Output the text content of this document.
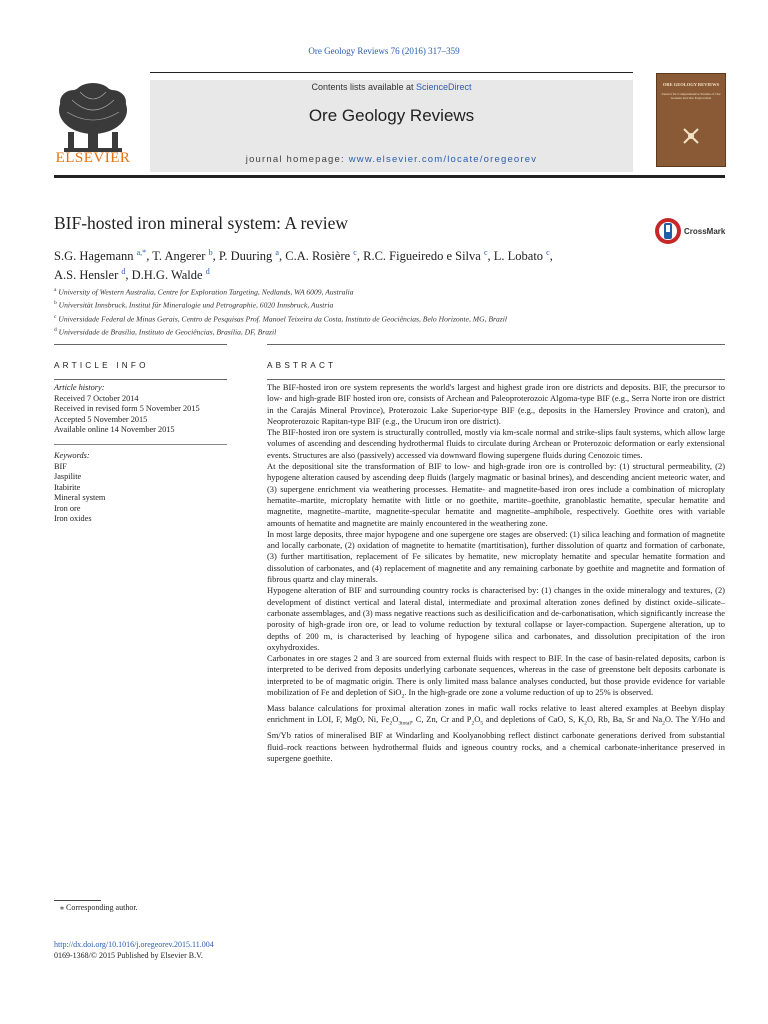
Ore Geology Reviews 76 (2016) 317–359
ELSEVIER
Contents lists available at ScienceDirect
Ore Geology Reviews
journal homepage: www.elsevier.com/locate/oregeorev
ORE GEOLOGY REVIEWS
Journal for Comprehensive Studies of Ore Genesis and Ore Exploration
BIF-hosted iron mineral system: A review	CrossMark
S.G. Hagemann $^{a,*}$, T. Angerer $^b$, P. Duuring $^a$, C.A. Rosière $^c$, R.C. Figueiredo e Silva $^c$, L. Lobato $^c$,
A.S. Hensler $^d$, D.H.G. Walde $^d$
$^a$ University of Western Australia, Centre for Exploration Targeting, Nedlands, WA 6009, Australia
$^b$ Universität Innsbruck, Institut für Mineralogie und Petrographie, 6020 Innsbruck, Austria
$^c$ Universidade Federal de Minas Gerais, Centro de Pesquisas Prof. Manoel Teixeira da Costa, Instituto de Geociências, Belo Horizonte, MG, Brazil
$^d$ Universidade de Brasília, Instituto de Geociências, Brasília, DF, Brazil
ARTICLE INFO	ABSTRACT
Article history:
Received 7 October 2014
Received in revised form 5 November 2015
Accepted 5 November 2015
Available online 14 November 2015
Keywords:
BIF
Jaspilite
Itabirite
Mineral system
Iron ore
Iron oxides

The BIF-hosted iron ore system represents the world's largest and highest grade iron ore districts and deposits. BIF, the precursor to low- and high-grade BIF hosted iron ore, consists of Archean and Paleoproterozoic Algoma-type BIF (e.g., Serra Norte iron ore district in the Carajás Mineral Province), Proterozoic Lake Superior-type BIF (e.g., deposits in the Hamersley Province and craton), and Neoproterozoic Rapitan-type BIF (e.g., the Urucum iron ore district).

The BIF-hosted iron ore system is structurally controlled, mostly via km-scale normal and strike-slips fault systems, which allow large volumes of ascending and descending hydrothermal fluids to circulate during Archean or Proterozoic deformation or early extensional events. Structures are also (passively) accessed via downward flowing supergene fluids during Cenozoic times.

At the depositional site the transformation of BIF to low- and high-grade iron ore is controlled by: (1) structural permeability, (2) hypogene alteration caused by ascending deep fluids (largely magmatic or basinal brines), and descending ancient meteoric water, and (3) supergene enrichment via weathering processes. Hematite- and magnetite-based iron ores include a combination of microplaty hematite–martite, microplaty hematite with little or no goethite, martite–goethite, granoblastic hematite, specular hematite and magnetite, magnetite–martite, magnetite-specular hematite and magnetite–amphibole, respectively. Goethite ores with variable amounts of hematite and magnetite are mainly encountered in the weathering zone.

In most large deposits, three major hypogene and one supergene ore stages are observed: (1) silica leaching and formation of magnetite and locally carbonate, (2) oxidation of magnetite to hematite (martitisation), further dissolution of quartz and formation of carbonate, (3) further martitisation, replacement of Fe silicates by hematite, new microplaty hematite and specular hematite formation and dissolution of carbonates, and (4) replacement of magnetite and any remaining carbonate by goethite and magnetite and formation of fibrous quartz and clay minerals.

Hypogene alteration of BIF and surrounding country rocks is characterised by: (1) changes in the oxide mineralogy and textures, (2) development of distinct vertical and lateral distal, intermediate and proximal alteration zones defined by distinct oxide–silicate–carbonate assemblages, and (3) mass negative reactions such as desilicification and de-carbonatisation, which significantly increase the porosity of high-grade iron ore, or lead to volume reduction by textural collapse or layer-compaction. Supergene alteration, up to depths of 200 m, is characterised by leaching of hypogene silica and carbonates, and dissolution precipitation of the iron oxyhydroxides.

Carbonates in ore stages 2 and 3 are sourced from external fluids with respect to BIF. In the case of basin-related deposits, carbon is interpreted to be derived from deposits underlying carbonate sequences, whereas in the case of greenstone belt deposits carbonate is interpreted to be of magmatic origin. There is only limited mass balance analyses conducted, but those provide evidence for variable mobilization of Fe and depletion of SiO$_2$. In the high-grade ore zone a volume reduction of up to 25% is observed.

Mass balance calculations for proximal alteration zones in mafic wall rocks relative to least altered examples at Beebyn display enrichment in LOI, F, MgO, Ni, $Fe_2O_{3total}$, C, Zn, Cr and $P_2O_5$ and depletions of CaO, S, $K_2O$, Rb, Ba, Sr and $Na_2O$. The Y/Ho and Sm/Yb ratios of mineralised BIF at Windarling and Koolyanobbing reflect distinct carbonate generations derived from substantial fluid–rock reactions between hydrothermal fluids and igneous country rocks, and a chemical carbonate-inheritance preserved in supergene goethite.

⁎ Corresponding author.
http://dx.doi.org/10.1016/j.oregeorev.2015.11.004
0169-1368/© 2015 Published by Elsevier B.V.
